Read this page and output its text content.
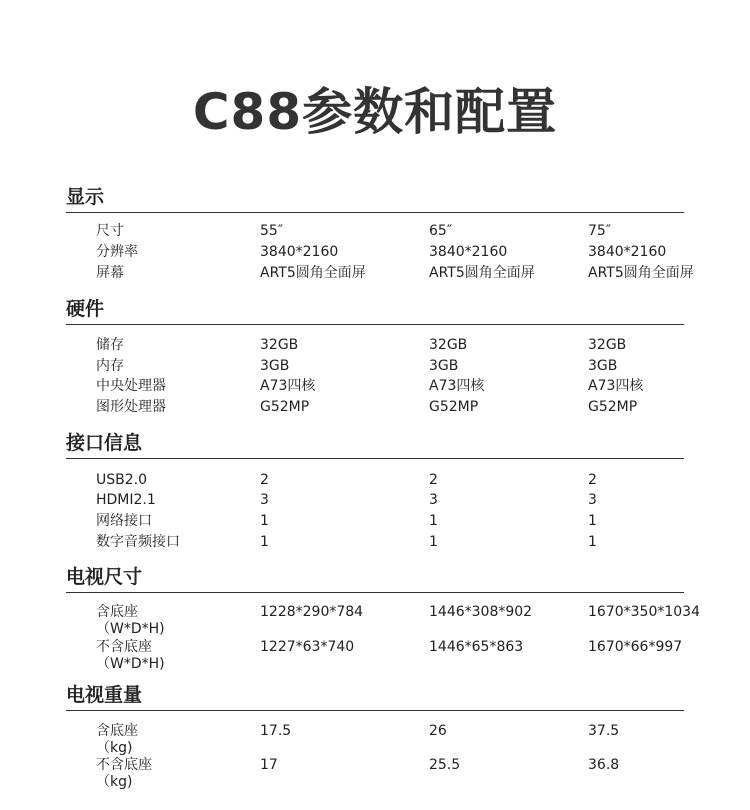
C88参数和配置
显示
尺寸	55″	65″	75″
分辨率	3840*2160	3840*2160	3840*2160
屏幕	ART5圆角全面屏	ART5圆角全面屏	ART5圆角全面屏
硬件
储存	32GB	32GB	32GB
内存	3GB	3GB	3GB
中央处理器	A73四核	A73四核	A73四核
图形处理器	G52MP	G52MP	G52MP
接口信息
USB2.0	2	2	2
HDMI2.1	3	3	3
网络接口	1	1	1
数字音频接口	1	1	1
电视尺寸
含底座
（W*D*H)
1228*290*784	1446*308*902	1670*350*1034
不含底座
（W*D*H)
1227*63*740	1446*65*863	1670*66*997
电视重量
含底座
（kg)
17.5	26	37.5
不含底座
（kg)
17	25.5	36.8
